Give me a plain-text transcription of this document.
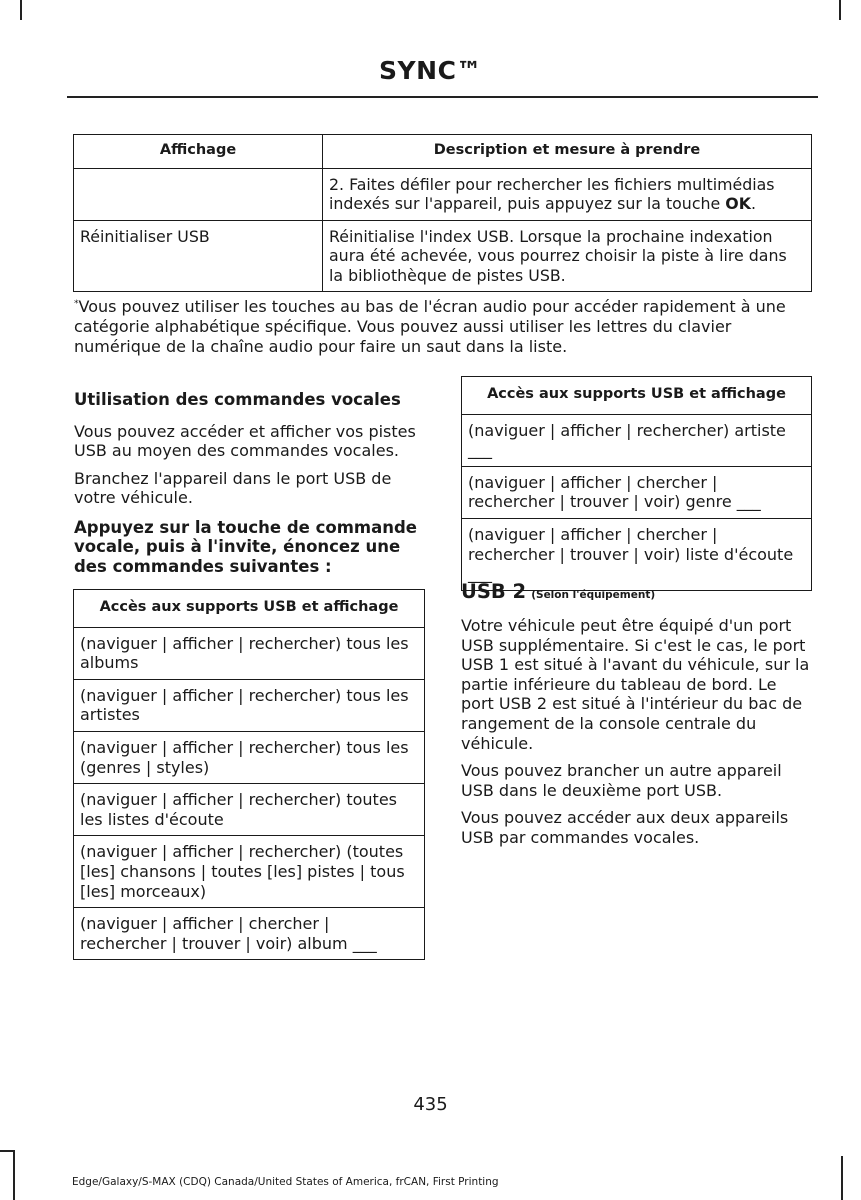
SYNC™
Affichage	Description et mesure à prendre
	2. Faites défiler pour rechercher les fichiers multimédias indexés sur l'appareil, puis appuyez sur la touche OK.
Réinitialiser USB	Réinitialise l'index USB. Lorsque la prochaine indexation aura été achevée, vous pourrez choisir la piste à lire dans la bibliothèque de pistes USB.
*Vous pouvez utiliser les touches au bas de l'écran audio pour accéder rapidement à une catégorie alphabétique spécifique. Vous pouvez aussi utiliser les lettres du clavier numérique de la chaîne audio pour faire un saut dans la liste.
Utilisation des commandes vocales

Vous pouvez accéder et afficher vos pistes USB au moyen des commandes vocales.

Branchez l'appareil dans le port USB de votre véhicule.

Appuyez sur la touche de commande vocale, puis à l'invite, énoncez une des commandes suivantes :
Accès aux supports USB et affichage
(naviguer | afficher | rechercher) tous les albums
(naviguer | afficher | rechercher) tous les artistes
(naviguer | afficher | rechercher) tous les (genres | styles)
(naviguer | afficher | rechercher) toutes les listes d'écoute
(naviguer | afficher | rechercher) (toutes [les] chansons | toutes [les] pistes | tous [les] morceaux)
(naviguer | afficher | chercher | rechercher | trouver | voir) album ___
Accès aux supports USB et affichage
(naviguer | afficher | rechercher) artiste ___
(naviguer | afficher | chercher | rechercher | trouver | voir) genre ___
(naviguer | afficher | chercher | rechercher | trouver | voir) liste d'écoute ___
USB 2 (Selon l'équipement)

Votre véhicule peut être équipé d'un port USB supplémentaire. Si c'est le cas, le port USB 1 est situé à l'avant du véhicule, sur la partie inférieure du tableau de bord. Le port USB 2 est situé à l'intérieur du bac de rangement de la console centrale du véhicule.

Vous pouvez brancher un autre appareil USB dans le deuxième port USB.

Vous pouvez accéder aux deux appareils USB par commandes vocales.

435
Edge/Galaxy/S-MAX (CDQ) Canada/United States of America, frCAN, First Printing
